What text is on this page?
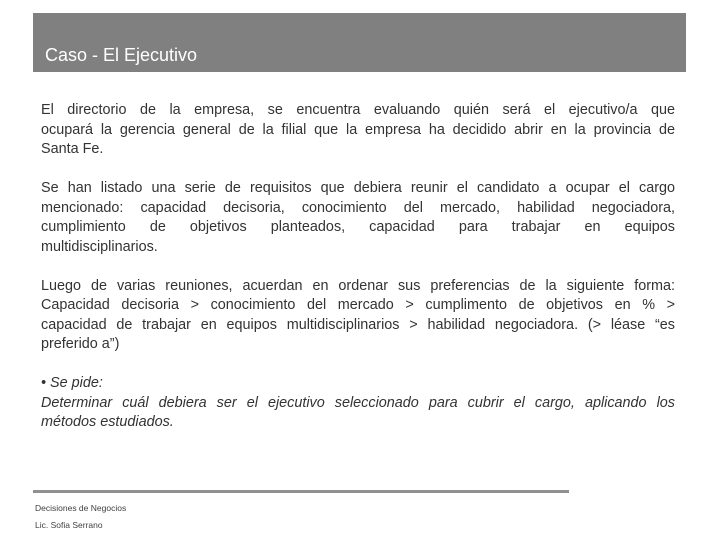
Caso - El Ejecutivo
El directorio de la empresa, se encuentra evaluando quién será el ejecutivo/a que
ocupará la gerencia general de la filial que la empresa ha decidido abrir en la provincia de
Santa Fe.
Se han listado una serie de requisitos que debiera reunir el candidato a ocupar el cargo
mencionado: capacidad decisoria, conocimiento del mercado, habilidad negociadora,
cumplimiento de objetivos planteados, capacidad para trabajar en equipos
multidisciplinarios.
Luego de varias reuniones, acuerdan en ordenar sus preferencias de la siguiente forma:
Capacidad decisoria > conocimiento del mercado > cumplimento de objetivos en % >
capacidad de trabajar en equipos multidisciplinarios > habilidad negociadora. (> léase “es
preferido a”)
• Se pide:
Determinar cuál debiera ser el ejecutivo seleccionado para cubrir el cargo, aplicando los
métodos estudiados.
Decisiones de Negocios
Lic. Sofia Serrano
